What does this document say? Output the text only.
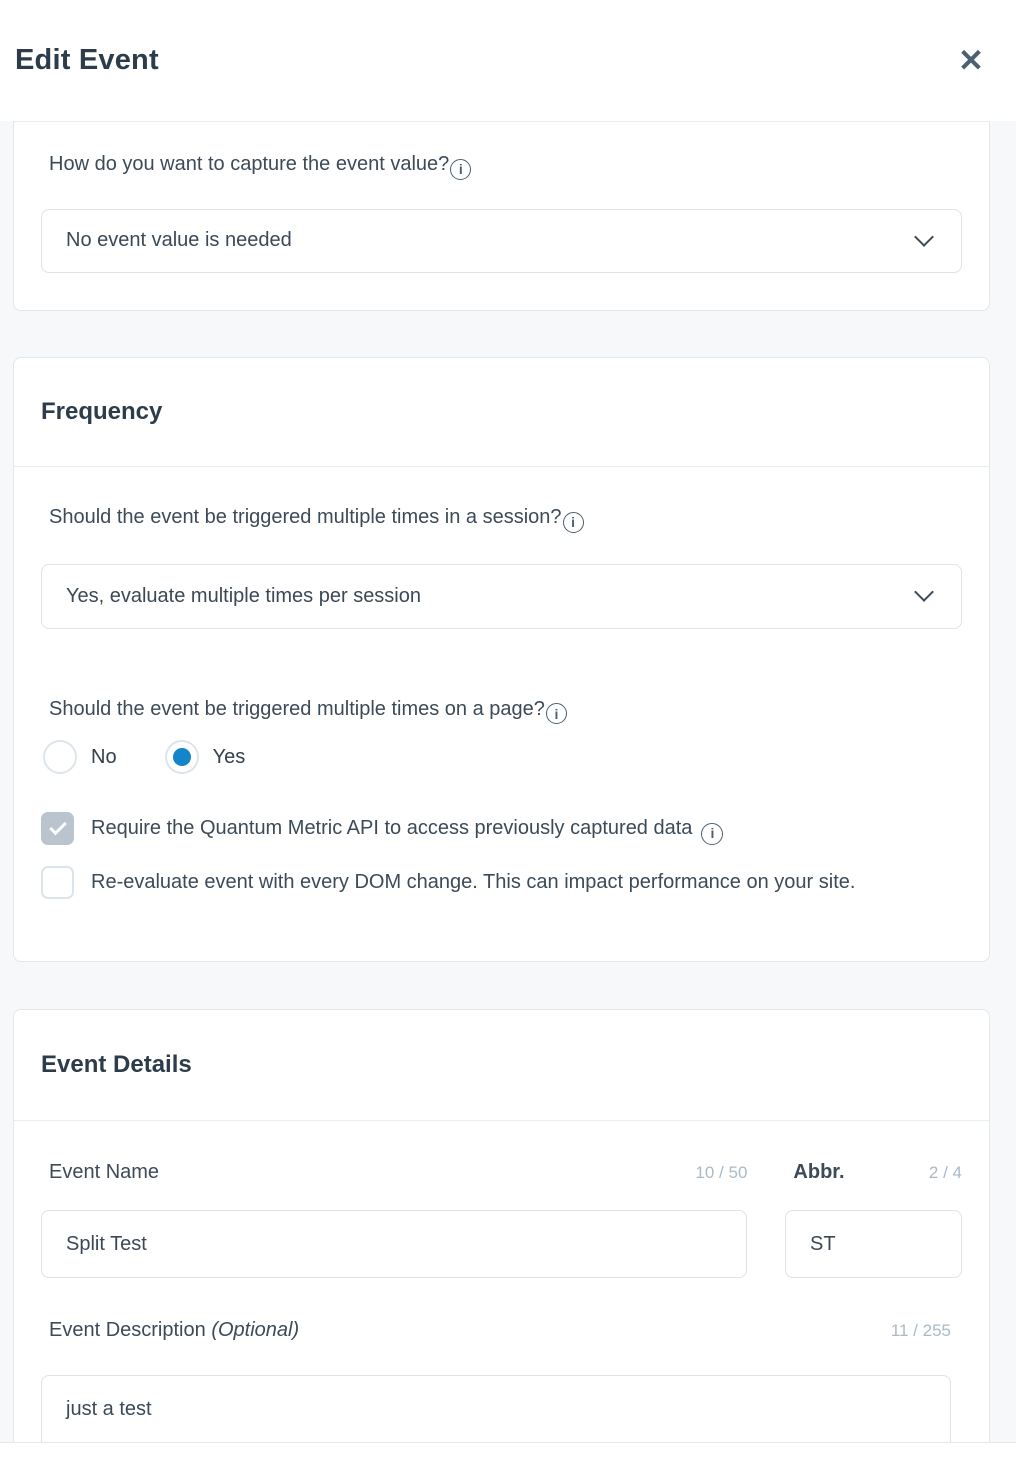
Edit Event	✕
How do you want to capture the event value? i
No event value is needed
Frequency
Should the event be triggered multiple times in a session? i
Yes, evaluate multiple times per session
Should the event be triggered multiple times on a page? i
No	Yes
Require the Quantum Metric API to access previously captured data i
Re-evaluate event with every DOM change. This can impact performance on your site.
Event Details
Event Name	10 / 50 Abbr.	2 / 4
Split Test
ST
Event Description (Optional)	11 / 255
just a test
